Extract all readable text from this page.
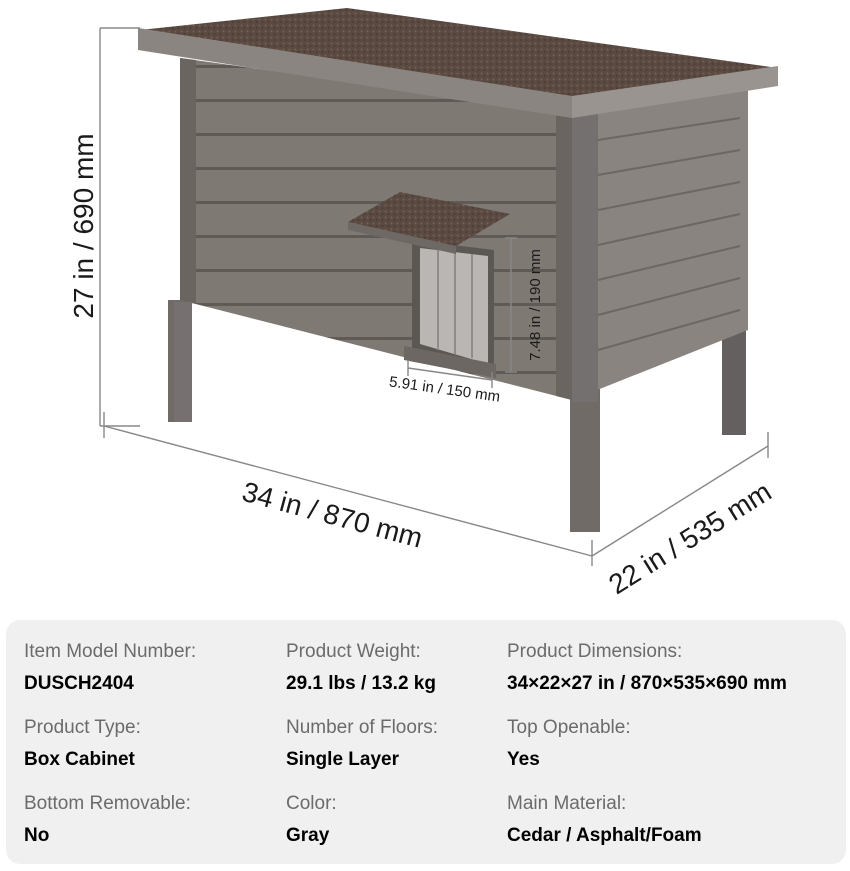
27 in / 690 mm
34 in / 870 mm	22 in / 535 mm
5.91 in / 150 mm
7.48 in / 190 mm
Item Model Number:
DUSCH2404
Product Weight:
29.1 lbs / 13.2 kg
Product Dimensions:
34×22×27 in / 870×535×690 mm
Product Type:
Box Cabinet
Number of Floors:
Single Layer
Top Openable:
Yes
Bottom Removable:
No
Color:
Gray
Main Material:
Cedar / Asphalt/Foam
